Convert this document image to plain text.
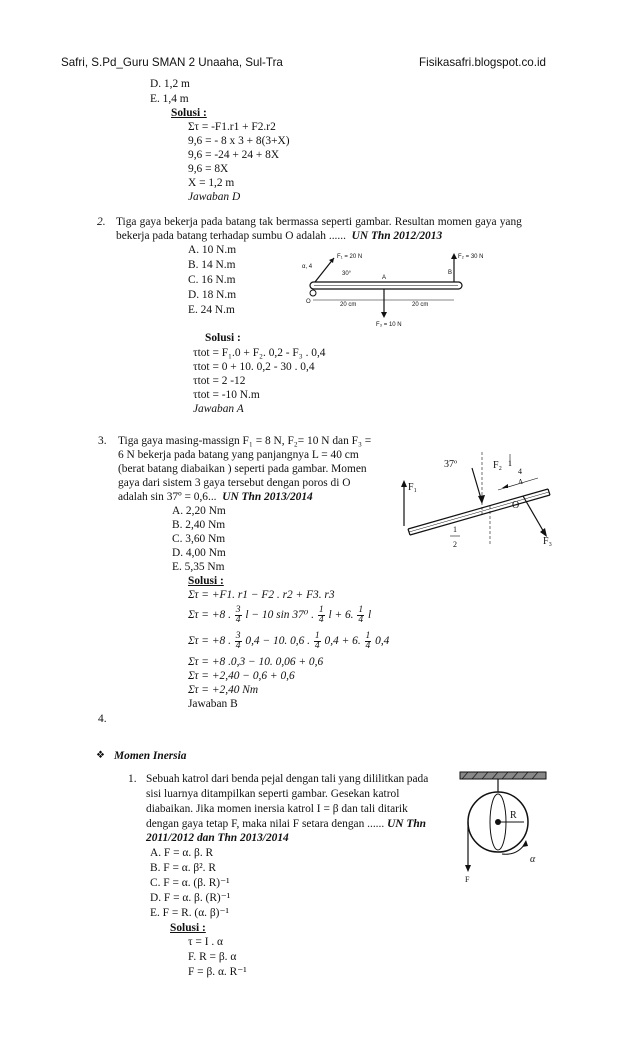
Safri, S.Pd_Guru SMAN 2 Unaaha, Sul-Tra	Fisikasafri.blogspot.co.id
D. 1,2 m
E. 1,4 m
Solusi :
Στ = -F1.r1 + F2.r2
9,6 = - 8 x 3 + 8(3+X)
9,6 = -24 + 24 + 8X
9,6 = 8X
X = 1,2 m
Jawaban D
2. Tiga gaya bekerja pada batang tak bermassa seperti gambar. Resultan momen gaya yang
bekerja pada batang terhadap sumbu O adalah ...... UN Thn 2012/2013
A. 10 N.m
B. 14 N.m
C. 16 N.m
D. 18 N.m
E. 24 N.m
F₁ = 20 N
30°
α, 4
F₂ = 30 N
B
A
F₃ = 10 N
O	20 cm	20 cm
Solusi :
τtot = F₁.0 + F₂. 0,2 - F₃ . 0,4
τtot = 0 + 10. 0,2 - 30 . 0,4
τtot = 2 -12
τtot = -10 N.m
Jawaban A
3. Tiga gaya masing-massign F₁ = 8 N, F₂= 10 N dan F₃ =
6 N bekerja pada batang yang panjangnya L = 40 cm
(berat batang diabaikan ) seperti pada gambar. Momen
gaya dari sistem 3 gaya tersebut dengan poros di O
adalah sin 37º = 0,6... UN Thn 2013/2014
A. 2,20 Nm
B. 2,40 Nm
C. 3,60 Nm
D. 4,00 Nm
E. 5,35 Nm
F₁
37º	F₂ 1
4
A
O
F₃
1
2
Solusi :
Στ = +F1. r1 − F2 . r2 + F3. r3
Στ = +8 . $\frac{3}{4}$ l − 10 sin 37⁰ . $\frac{1}{4}$ l + 6. $\frac{1}{4}$ l
Στ = +8 . $\frac{3}{4} 0,4 - 10$. 0,6 . $\frac{1}{4} 0,4 + 6$. $\frac{1}{4} 0,4$
Στ = +8 .0,3 − 10. 0,06 + 0,6
Στ = +2,40 − 0,6 + 0,6
Στ = +2,40 Nm
Jawaban B
4.
❖ Momen Inersia
1. Sebuah katrol dari benda pejal dengan tali yang dililitkan pada
sisi luarnya ditampilkan seperti gambar. Gesekan katrol
diabaikan. Jika momen inersia katrol I = β dan tali ditarik
dengan gaya tetap F, maka nilai F setara dengan ...... UN Thn
2011/2012 dan Thn 2013/2014
A. F = α. β. R
B. F = α. β². R
C. F = α. (β. R)⁻¹
D. F = α. β. (R)⁻¹
E. F = R. (α. β)⁻¹
Solusi :
τ = I . α
F. R = β. α
F = β. α. R⁻¹
R
F
α
